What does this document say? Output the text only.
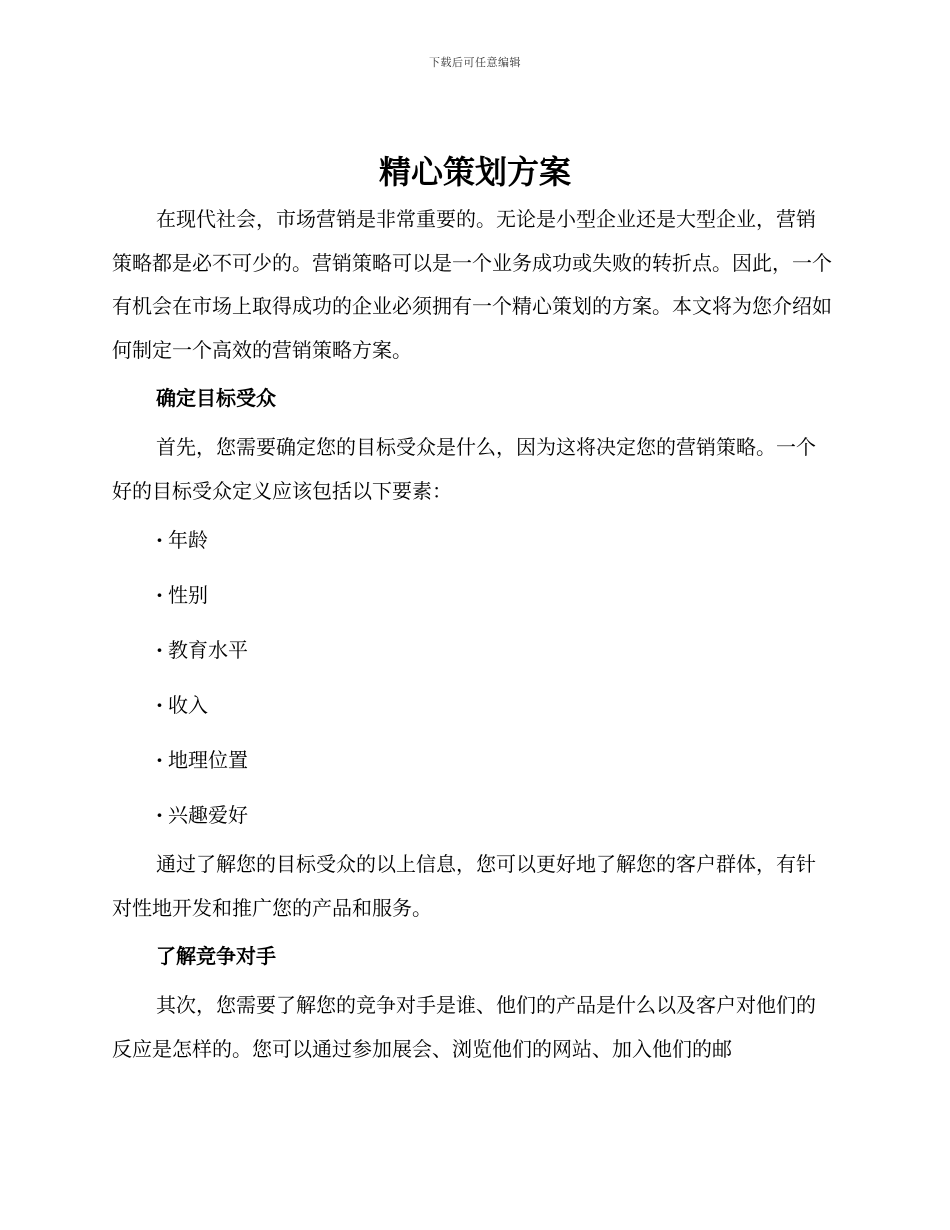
下载后可任意编辑
精心策划方案

在现代社会，市场营销是非常重要的。无论是小型企业还是大型企业，营销策略都是必不可少的。营销策略可以是一个业务成功或失败的转折点。因此，一个有机会在市场上取得成功的企业必须拥有一个精心策划的方案。本文将为您介绍如何制定一个高效的营销策略方案。

确定目标受众

首先，您需要确定您的目标受众是什么，因为这将决定您的营销策略。一个好的目标受众定义应该包括以下要素：

· 年龄
· 性别
· 教育水平
· 收入
· 地理位置
· 兴趣爱好

通过了解您的目标受众的以上信息，您可以更好地了解您的客户群体，有针对性地开发和推广您的产品和服务。

了解竞争对手

其次，您需要了解您的竞争对手是谁、他们的产品是什么以及客户对他们的反应是怎样的。您可以通过参加展会、浏览他们的网站、加入他们的邮
